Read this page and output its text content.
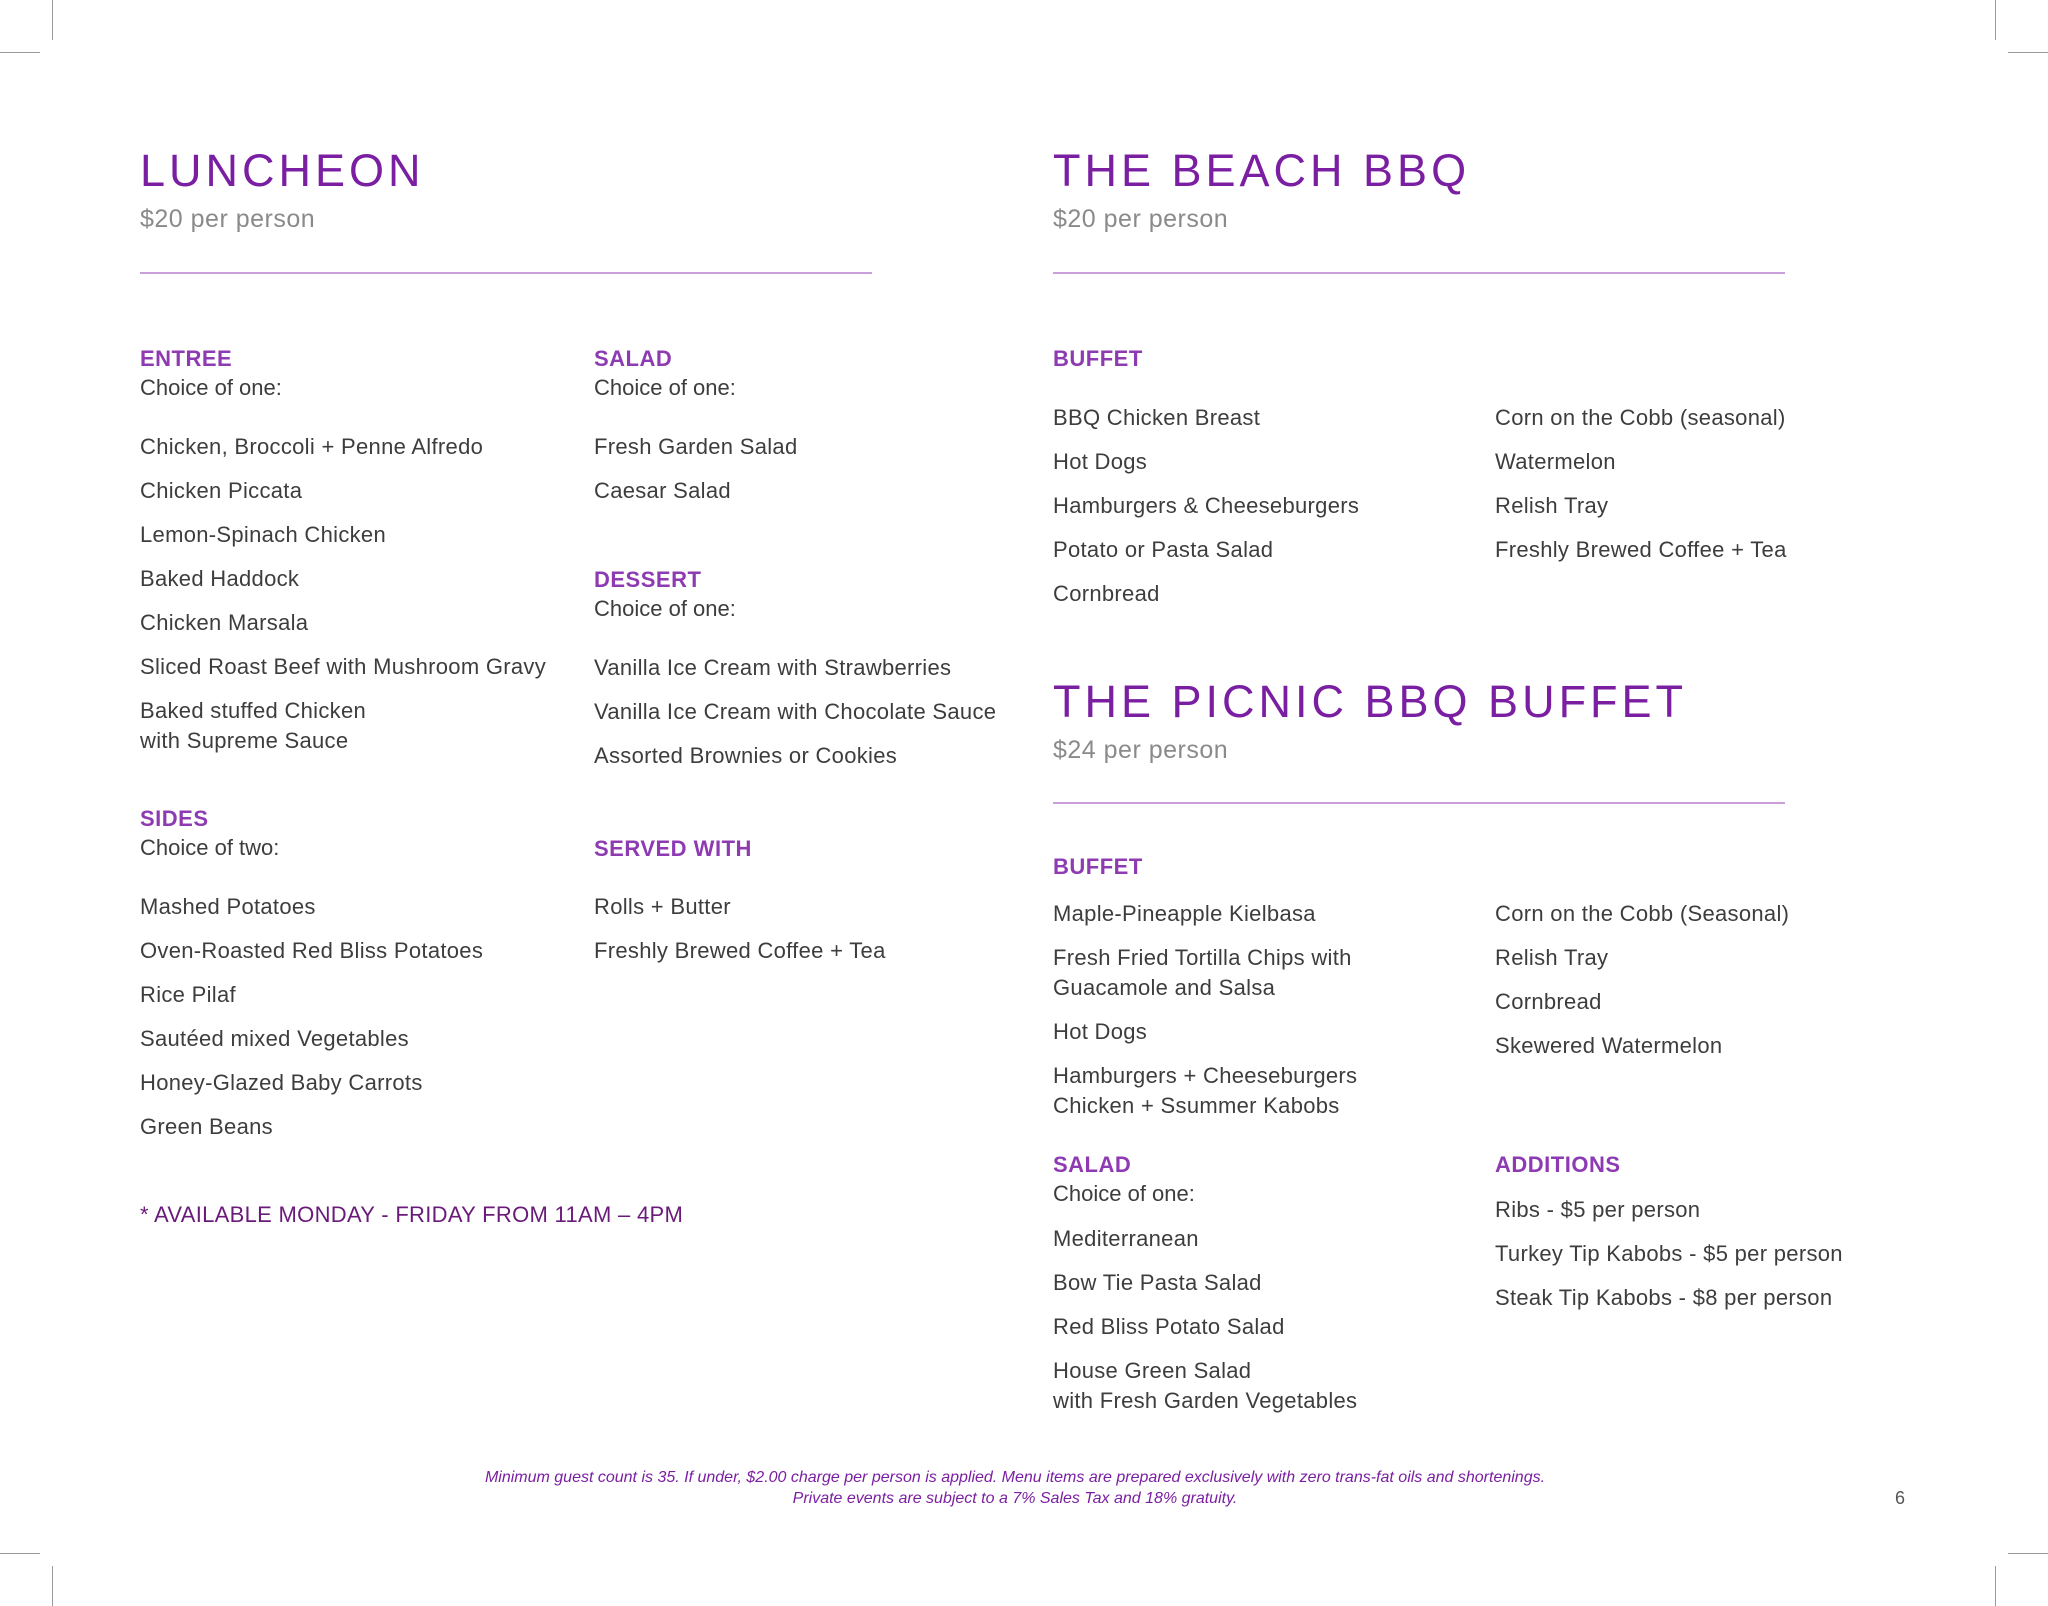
LUNCHEON
$20 per person
ENTREE
Choice of one:
Chicken, Broccoli + Penne Alfredo
Chicken Piccata
Lemon-Spinach Chicken
Baked Haddock
Chicken Marsala
Sliced Roast Beef with Mushroom Gravy
Baked stuffed Chicken
with Supreme Sauce
SIDES
Choice of two:
Mashed Potatoes
Oven-Roasted Red Bliss Potatoes
Rice Pilaf
Sautéed mixed Vegetables
Honey-Glazed Baby Carrots
Green Beans
SALAD
Choice of one:
Fresh Garden Salad
Caesar Salad
DESSERT
Choice of one:
Vanilla Ice Cream with Strawberries
Vanilla Ice Cream with Chocolate Sauce
Assorted Brownies or Cookies
SERVED WITH
Rolls + Butter
Freshly Brewed Coffee + Tea
* AVAILABLE MONDAY - FRIDAY FROM 11AM – 4PM
THE BEACH BBQ
$20 per person
BUFFET
BBQ Chicken Breast
Hot Dogs
Hamburgers & Cheeseburgers
Potato or Pasta Salad
Cornbread
Corn on the Cobb (seasonal)
Watermelon
Relish Tray
Freshly Brewed Coffee + Tea
THE PICNIC BBQ BUFFET
$24 per person
BUFFET
Maple-Pineapple Kielbasa
Fresh Fried Tortilla Chips with
Guacamole and Salsa
Hot Dogs
Hamburgers + Cheeseburgers
Chicken + Ssummer Kabobs
Corn on the Cobb (Seasonal)
Relish Tray
Cornbread
Skewered Watermelon
SALAD
Choice of one:
Mediterranean
Bow Tie Pasta Salad
Red Bliss Potato Salad
House Green Salad
with Fresh Garden Vegetables
ADDITIONS
Ribs - $5 per person
Turkey Tip Kabobs - $5 per person
Steak Tip Kabobs - $8 per person
Minimum guest count is 35. If under, $2.00 charge per person is applied. Menu items are prepared exclusively with zero trans-fat oils and shortenings.
Private events are subject to a 7% Sales Tax and 18% gratuity.	6
